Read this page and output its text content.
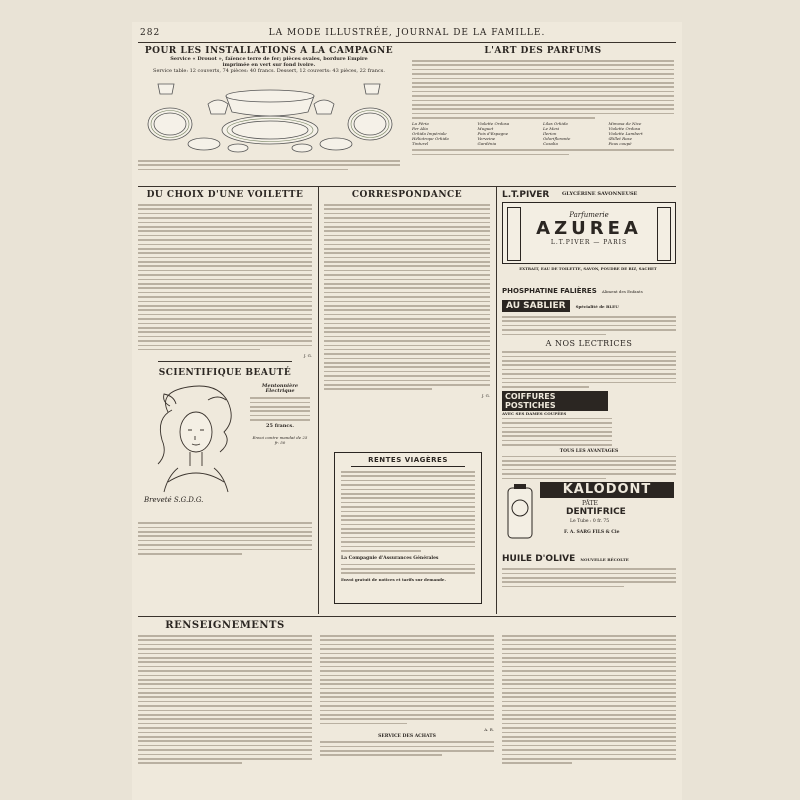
282	LA MODE ILLUSTRÉE, JOURNAL DE LA FAMILLE.
POUR LES INSTALLATIONS A LA CAMPAGNE
Service « Drouot », faïence terre de fer; pièces ovales, bordure Empire
imprimée en vert sur fond ivoire.
Service table: 12 couverts, 74 pièces: 40 francs. Dessert, 12 couverts: 43 pièces, 22 francs.
L'ART DES PARFUMS
La Féria	Violette Ordosa	Lilas Orkida	Mimosa de Nice
Fer Alia	Muguet	Le Mesi	Violette Ordosa
Orkida Impériale	Pois d'Espagne	Ilerion	Violette Lambert
Héliotrope Orkida	Verveine	Odoriflorante	Œillet Rose
Tinturel	Gardénia	Cosalia	Fous coupé
DU CHOIX D'UNE VOILETTE
J. G.
SCIENTIFIQUE BEAUTÉ
Mentonnière Électrique
25 francs.
Envoi contre mandat de 25 fr. 50
Breveté S.G.D.G.
CORRESPONDANCE
J. G.
RENTES VIAGÈRES
La Compagnie d'Assurances Générales
Envoi gratuit de notices et tarifs sur demande.
L.T.PIVER	GLYCÉRINE SAVONNEUSE
Parfumerie
AZUREA
L.T.PIVER — PARIS
EXTRAIT, EAU DE TOILETTE, SAVON, POUDRE DE RIZ, SACHET
PHOSPHATINE FALIÈRES Aliment des Enfants
AU SABLIER	Spécialité de BLEU
A NOS LECTRICES
COIFFURES POSTICHES
AVEC SES DAMES COUPÉES
TOUS LES AVANTAGES
KALODONT
PÂTE
DENTIFRICE
Le Tube : 0 fr. 75
F. A. SARG FILS & Cie
HUILE D'OLIVE NOUVELLE RÉCOLTE
RENSEIGNEMENTS
A. R.
SERVICE DES ACHATS
